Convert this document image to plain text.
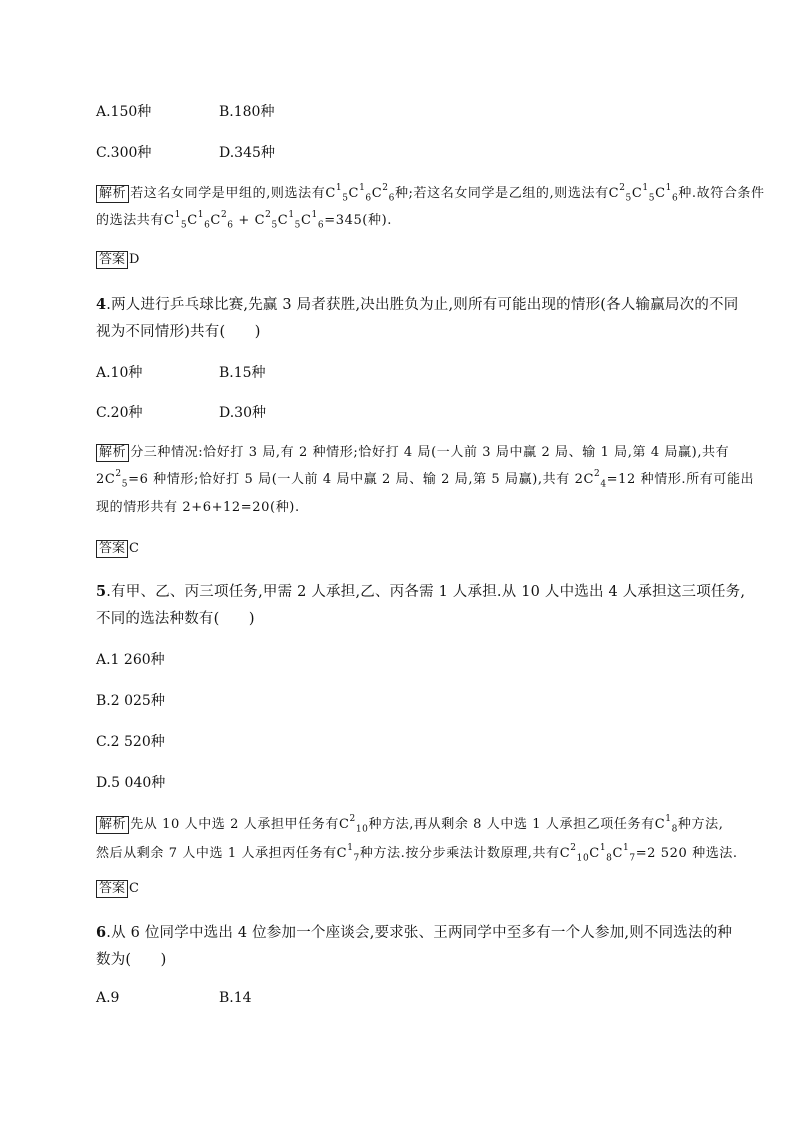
A.150种	B.180种
C.300种	D.345种
解析 若这名女同学是甲组的,则选法有$C^1_5C^1_6C^2_6$种;若这名女同学是乙组的,则选法有$C^2_5C^1_5C^1_6$种.故符合条件
的选法共有$C^1_5C^1_6C^2_6 + C^2_5C^1_5C^1_6=345$(种).
答案 D
4.两人进行乒乓球比赛,先赢 3 局者获胜,决出胜负为止,则所有可能出现的情形(各人输赢局次的不同
视为不同情形)共有(　　)
A.10种	B.15种
C.20种	D.30种
解析 分三种情况:恰好打 3 局,有 2 种情形;恰好打 4 局(一人前 3 局中赢 2 局、输 1 局,第 4 局赢),共有
$2C^2_5=6$ 种情形;恰好打 5 局(一人前 4 局中赢 2 局、输 2 局,第 5 局赢),共有 $2C^2_4=12$ 种情形.所有可能出
现的情形共有 2+6+12=20(种).
答案 C
5.有甲、乙、丙三项任务,甲需 2 人承担,乙、丙各需 1 人承担.从 10 人中选出 4 人承担这三项任务,
不同的选法种数有(　　)
A.1 260种
B.2 025种
C.2 520种
D.5 040种
解析 先从 10 人中选 2 人承担甲任务有$C^2_{10}$种方法,再从剩余 8 人中选 1 人承担乙项任务有$C^1_8$种方法,
然后从剩余 7 人中选 1 人承担丙任务有$C^1_7$种方法.按分步乘法计数原理,共有$C^2_{10}C^1_8C^1_7=2$ 520 种选法.
答案 C
6.从 6 位同学中选出 4 位参加一个座谈会,要求张、王两同学中至多有一个人参加,则不同选法的种
数为(　　)
A.9	B.14
